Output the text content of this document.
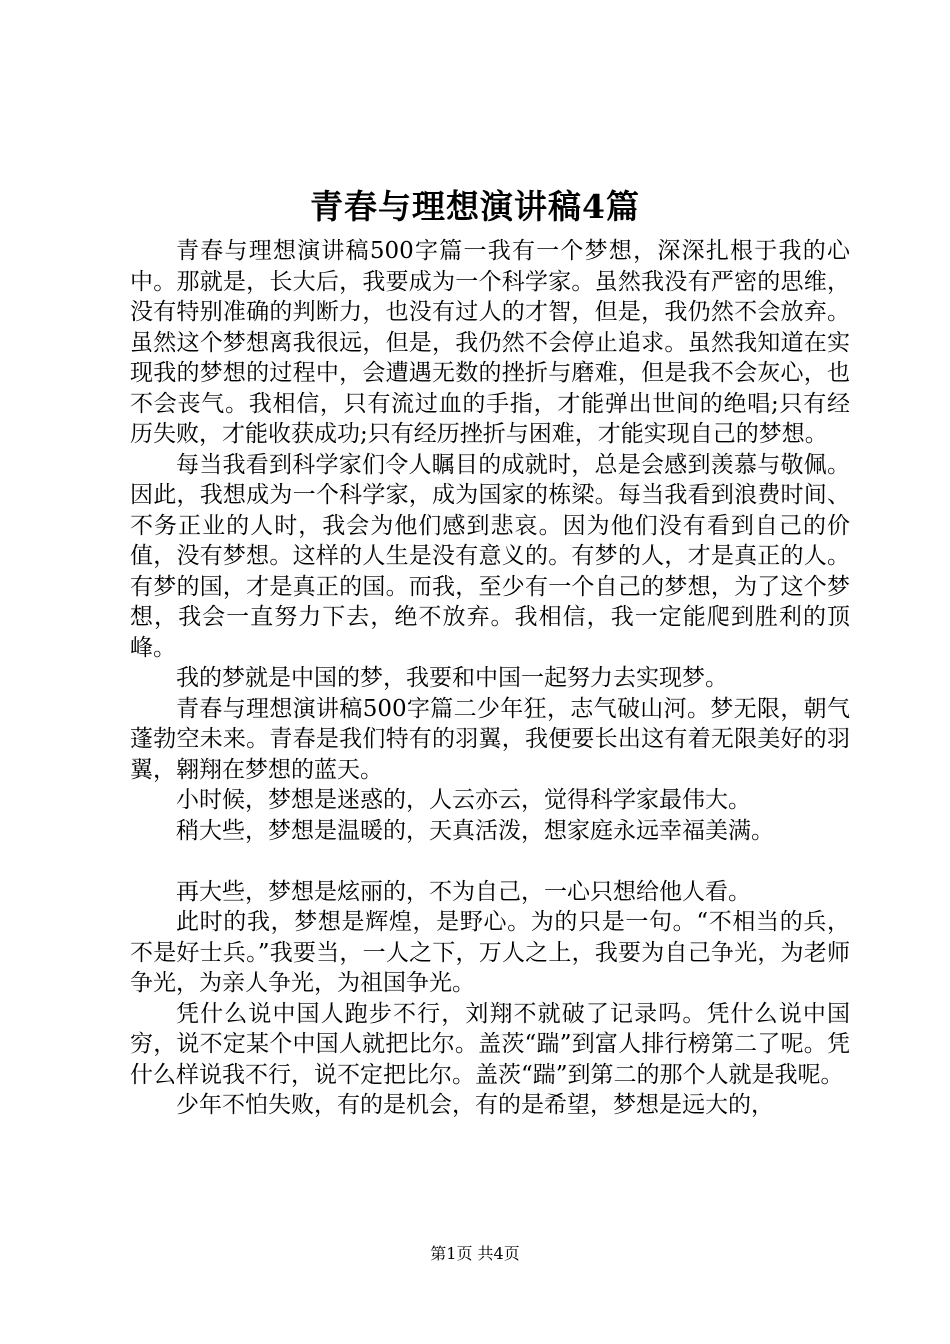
青春与理想演讲稿4篇

青春与理想演讲稿500字篇一我有一个梦想，深深扎根于我的心中。那就是，长大后，我要成为一个科学家。虽然我没有严密的思维，没有特别准确的判断力，也没有过人的才智，但是，我仍然不会放弃。虽然这个梦想离我很远，但是，我仍然不会停止追求。虽然我知道在实现我的梦想的过程中，会遭遇无数的挫折与磨难，但是我不会灰心，也不会丧气。我相信，只有流过血的手指，才能弹出世间的绝唱;只有经历失败，才能收获成功;只有经历挫折与困难，才能实现自己的梦想。

每当我看到科学家们令人瞩目的成就时，总是会感到羡慕与敬佩。因此，我想成为一个科学家，成为国家的栋梁。每当我看到浪费时间、不务正业的人时，我会为他们感到悲哀。因为他们没有看到自己的价值，没有梦想。这样的人生是没有意义的。有梦的人，才是真正的人。有梦的国，才是真正的国。而我，至少有一个自己的梦想，为了这个梦想，我会一直努力下去，绝不放弃。我相信，我一定能爬到胜利的顶峰。

我的梦就是中国的梦，我要和中国一起努力去实现梦。

青春与理想演讲稿500字篇二少年狂，志气破山河。梦无限，朝气蓬勃空未来。青春是我们特有的羽翼，我便要长出这有着无限美好的羽翼，翱翔在梦想的蓝天。

小时候，梦想是迷惑的，人云亦云，觉得科学家最伟大。

稍大些，梦想是温暖的，天真活泼，想家庭永远幸福美满。

再大些，梦想是炫丽的，不为自己，一心只想给他人看。

此时的我，梦想是辉煌，是野心。为的只是一句。“不相当的兵，不是好士兵。”我要当，一人之下，万人之上，我要为自己争光，为老师争光，为亲人争光，为祖国争光。

凭什么说中国人跑步不行，刘翔不就破了记录吗。凭什么说中国穷，说不定某个中国人就把比尔。盖茨“踹”到富人排行榜第二了呢。凭什么样说我不行，说不定把比尔。盖茨“踹”到第二的那个人就是我呢。

少年不怕失败，有的是机会，有的是希望，梦想是远大的，

第1页 共4页
